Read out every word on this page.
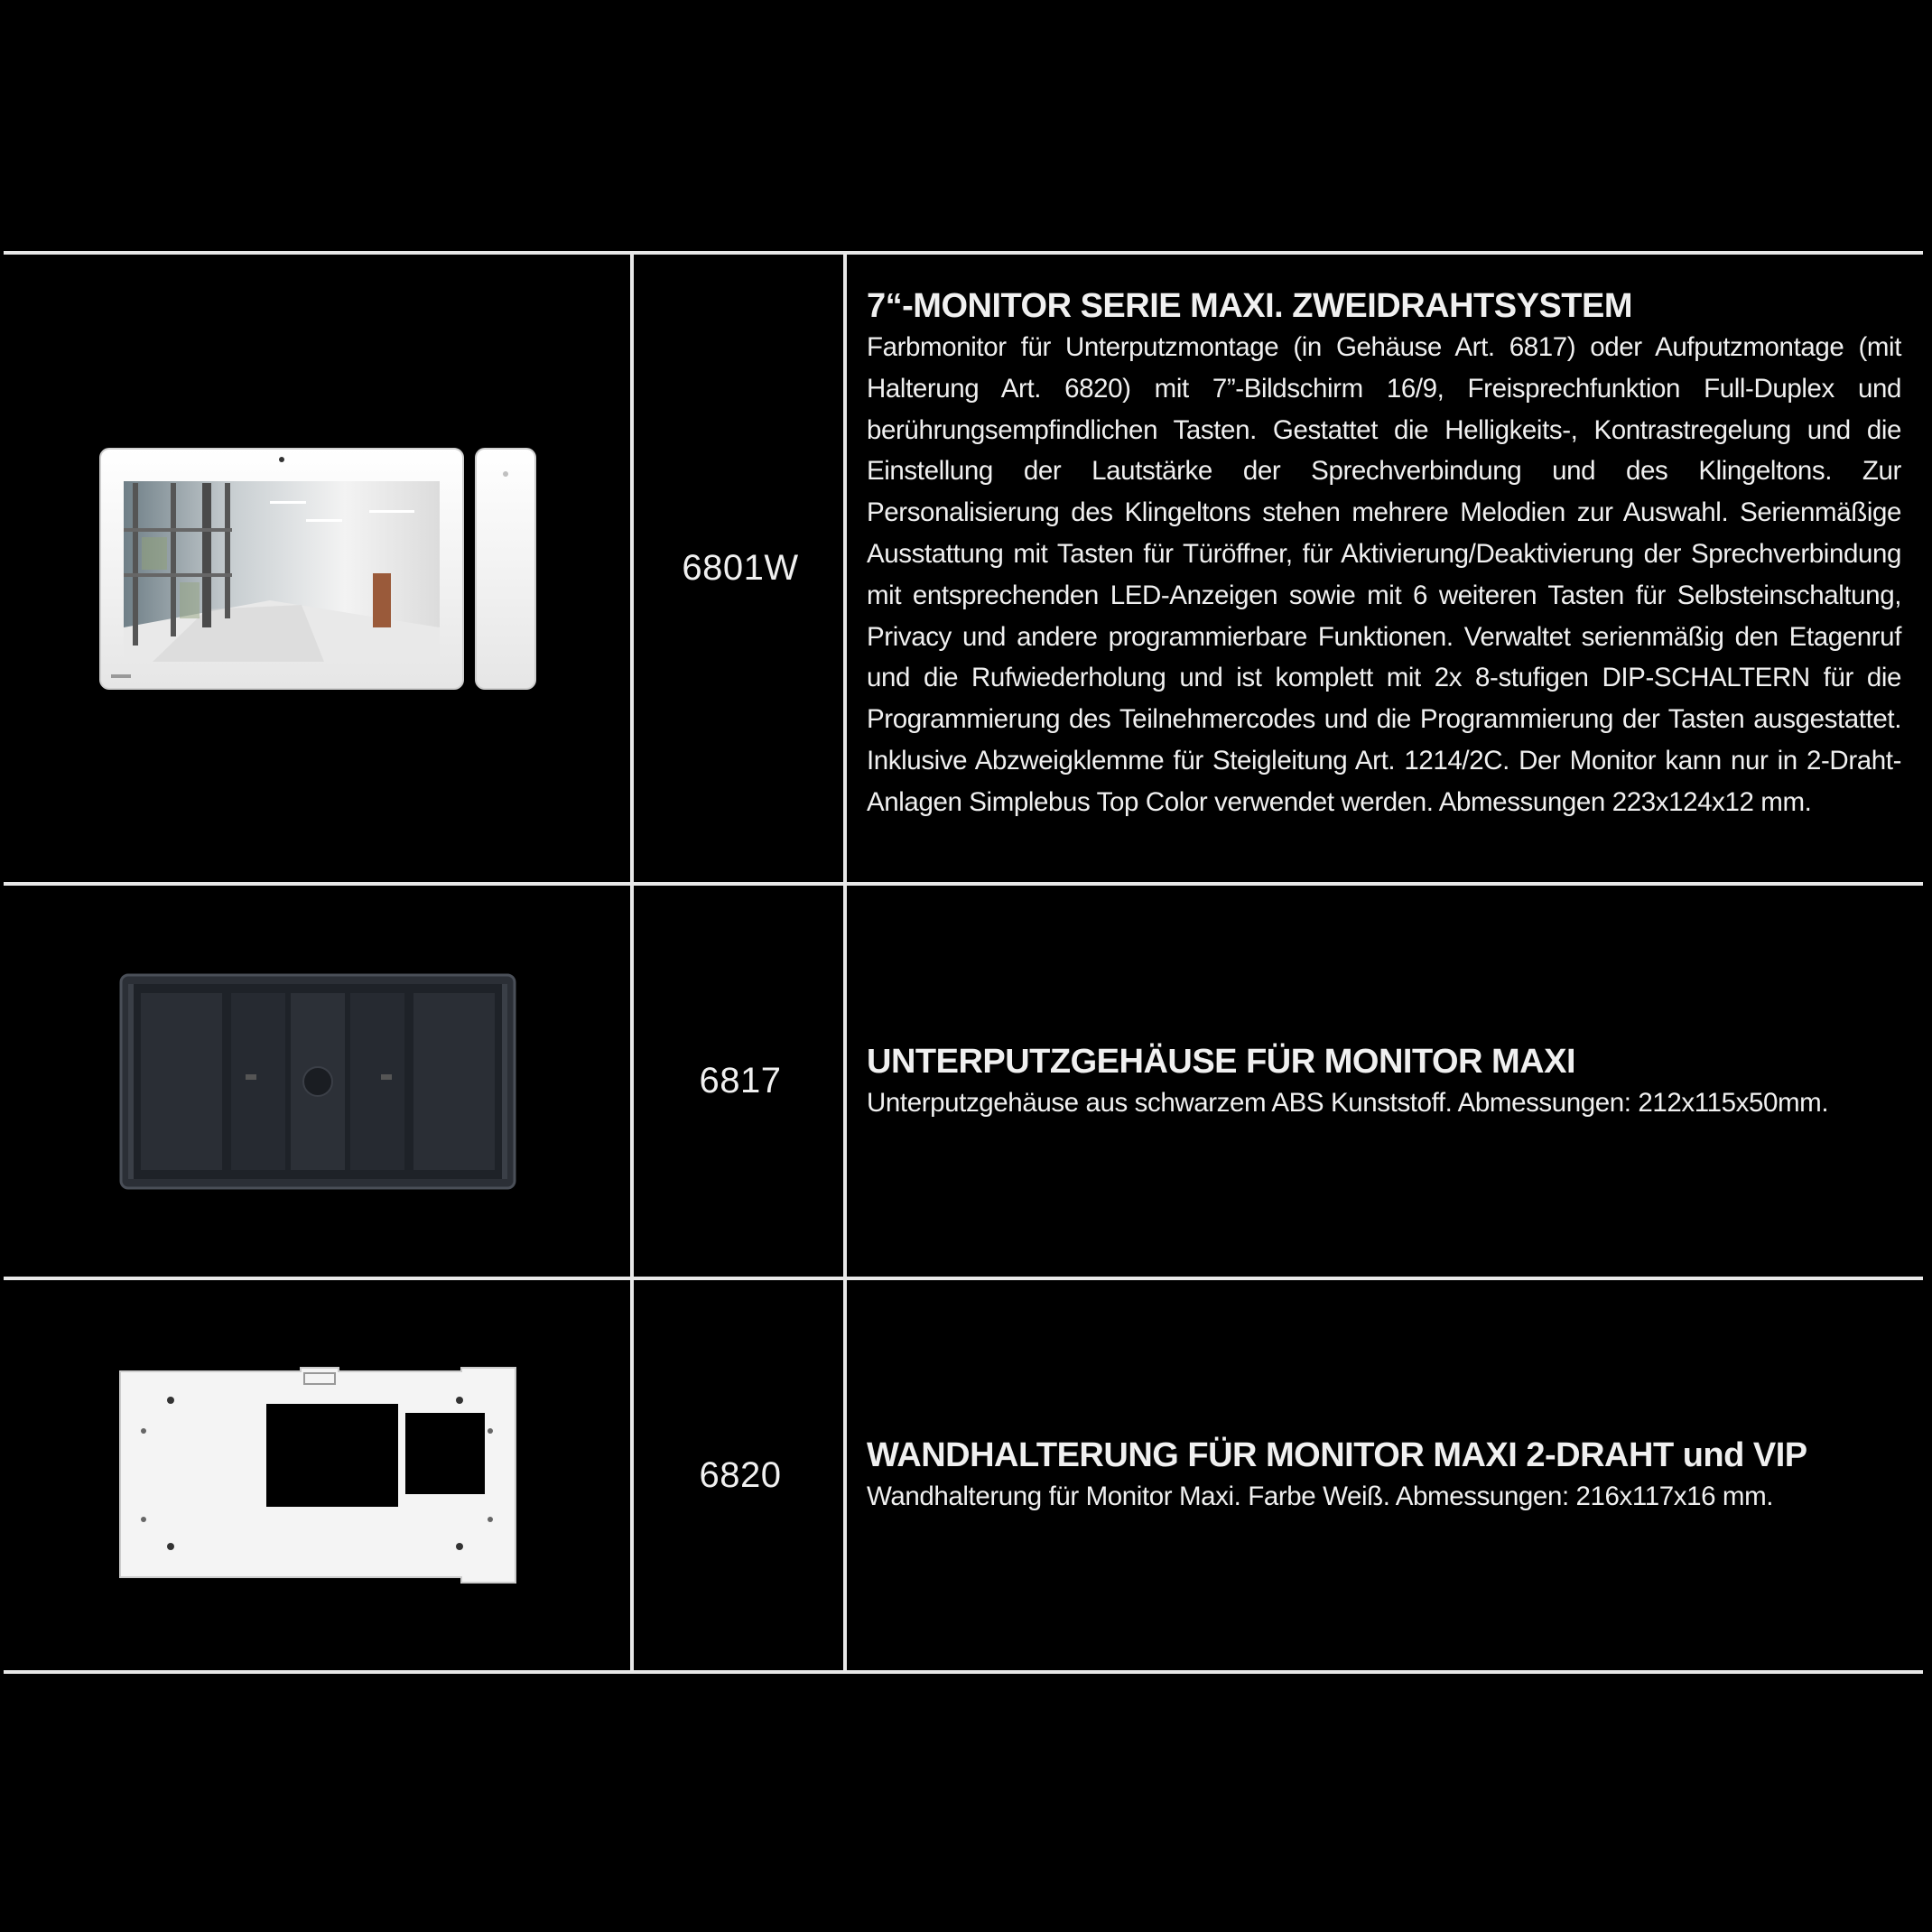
6801W
7“-MONITOR SERIE MAXI. ZWEIDRAHTSYSTEM
Farbmonitor für Unterputzmontage (in Gehäuse Art. 6817) oder Aufputzmontage (mit Halterung Art. 6820) mit 7”-Bildschirm 16/9, Freisprechfunktion Full-Duplex und berührungsempfindlichen Tasten. Gestattet die Helligkeits-, Kontrastregelung und die Einstellung der Lautstärke der Sprechverbindung und des Klingeltons. Zur Personalisierung des Klingeltons stehen mehrere Melodien zur Auswahl. Serienmäßige Ausstattung mit Tasten für Türöffner, für Aktivierung/Deaktivierung der Sprechverbindung mit entsprechenden LED-Anzeigen sowie mit 6 weiteren Tasten für Selbsteinschaltung, Privacy und andere programmierbare Funktionen. Verwaltet serienmäßig den Etagenruf und die Rufwiederholung und ist komplett mit 2x 8-stufigen DIP-SCHALTERN für die Programmierung des Teilnehmercodes und die Programmierung der Tasten ausgestattet. Inklusive Abzweigklemme für Steigleitung Art. 1214/2C. Der Monitor kann nur in 2-Draht-Anlagen Simplebus Top Color verwendet werden. Abmessungen 223x124x12 mm.
6817	UNTERPUTZGEHÄUSE FÜR MONITOR MAXI
Unterputzgehäuse aus schwarzem ABS Kunststoff. Abmessungen: 212x115x50mm.
6820	WANDHALTERUNG FÜR MONITOR MAXI 2-DRAHT und VIP
Wandhalterung für Monitor Maxi. Farbe Weiß. Abmessungen: 216x117x16 mm.
